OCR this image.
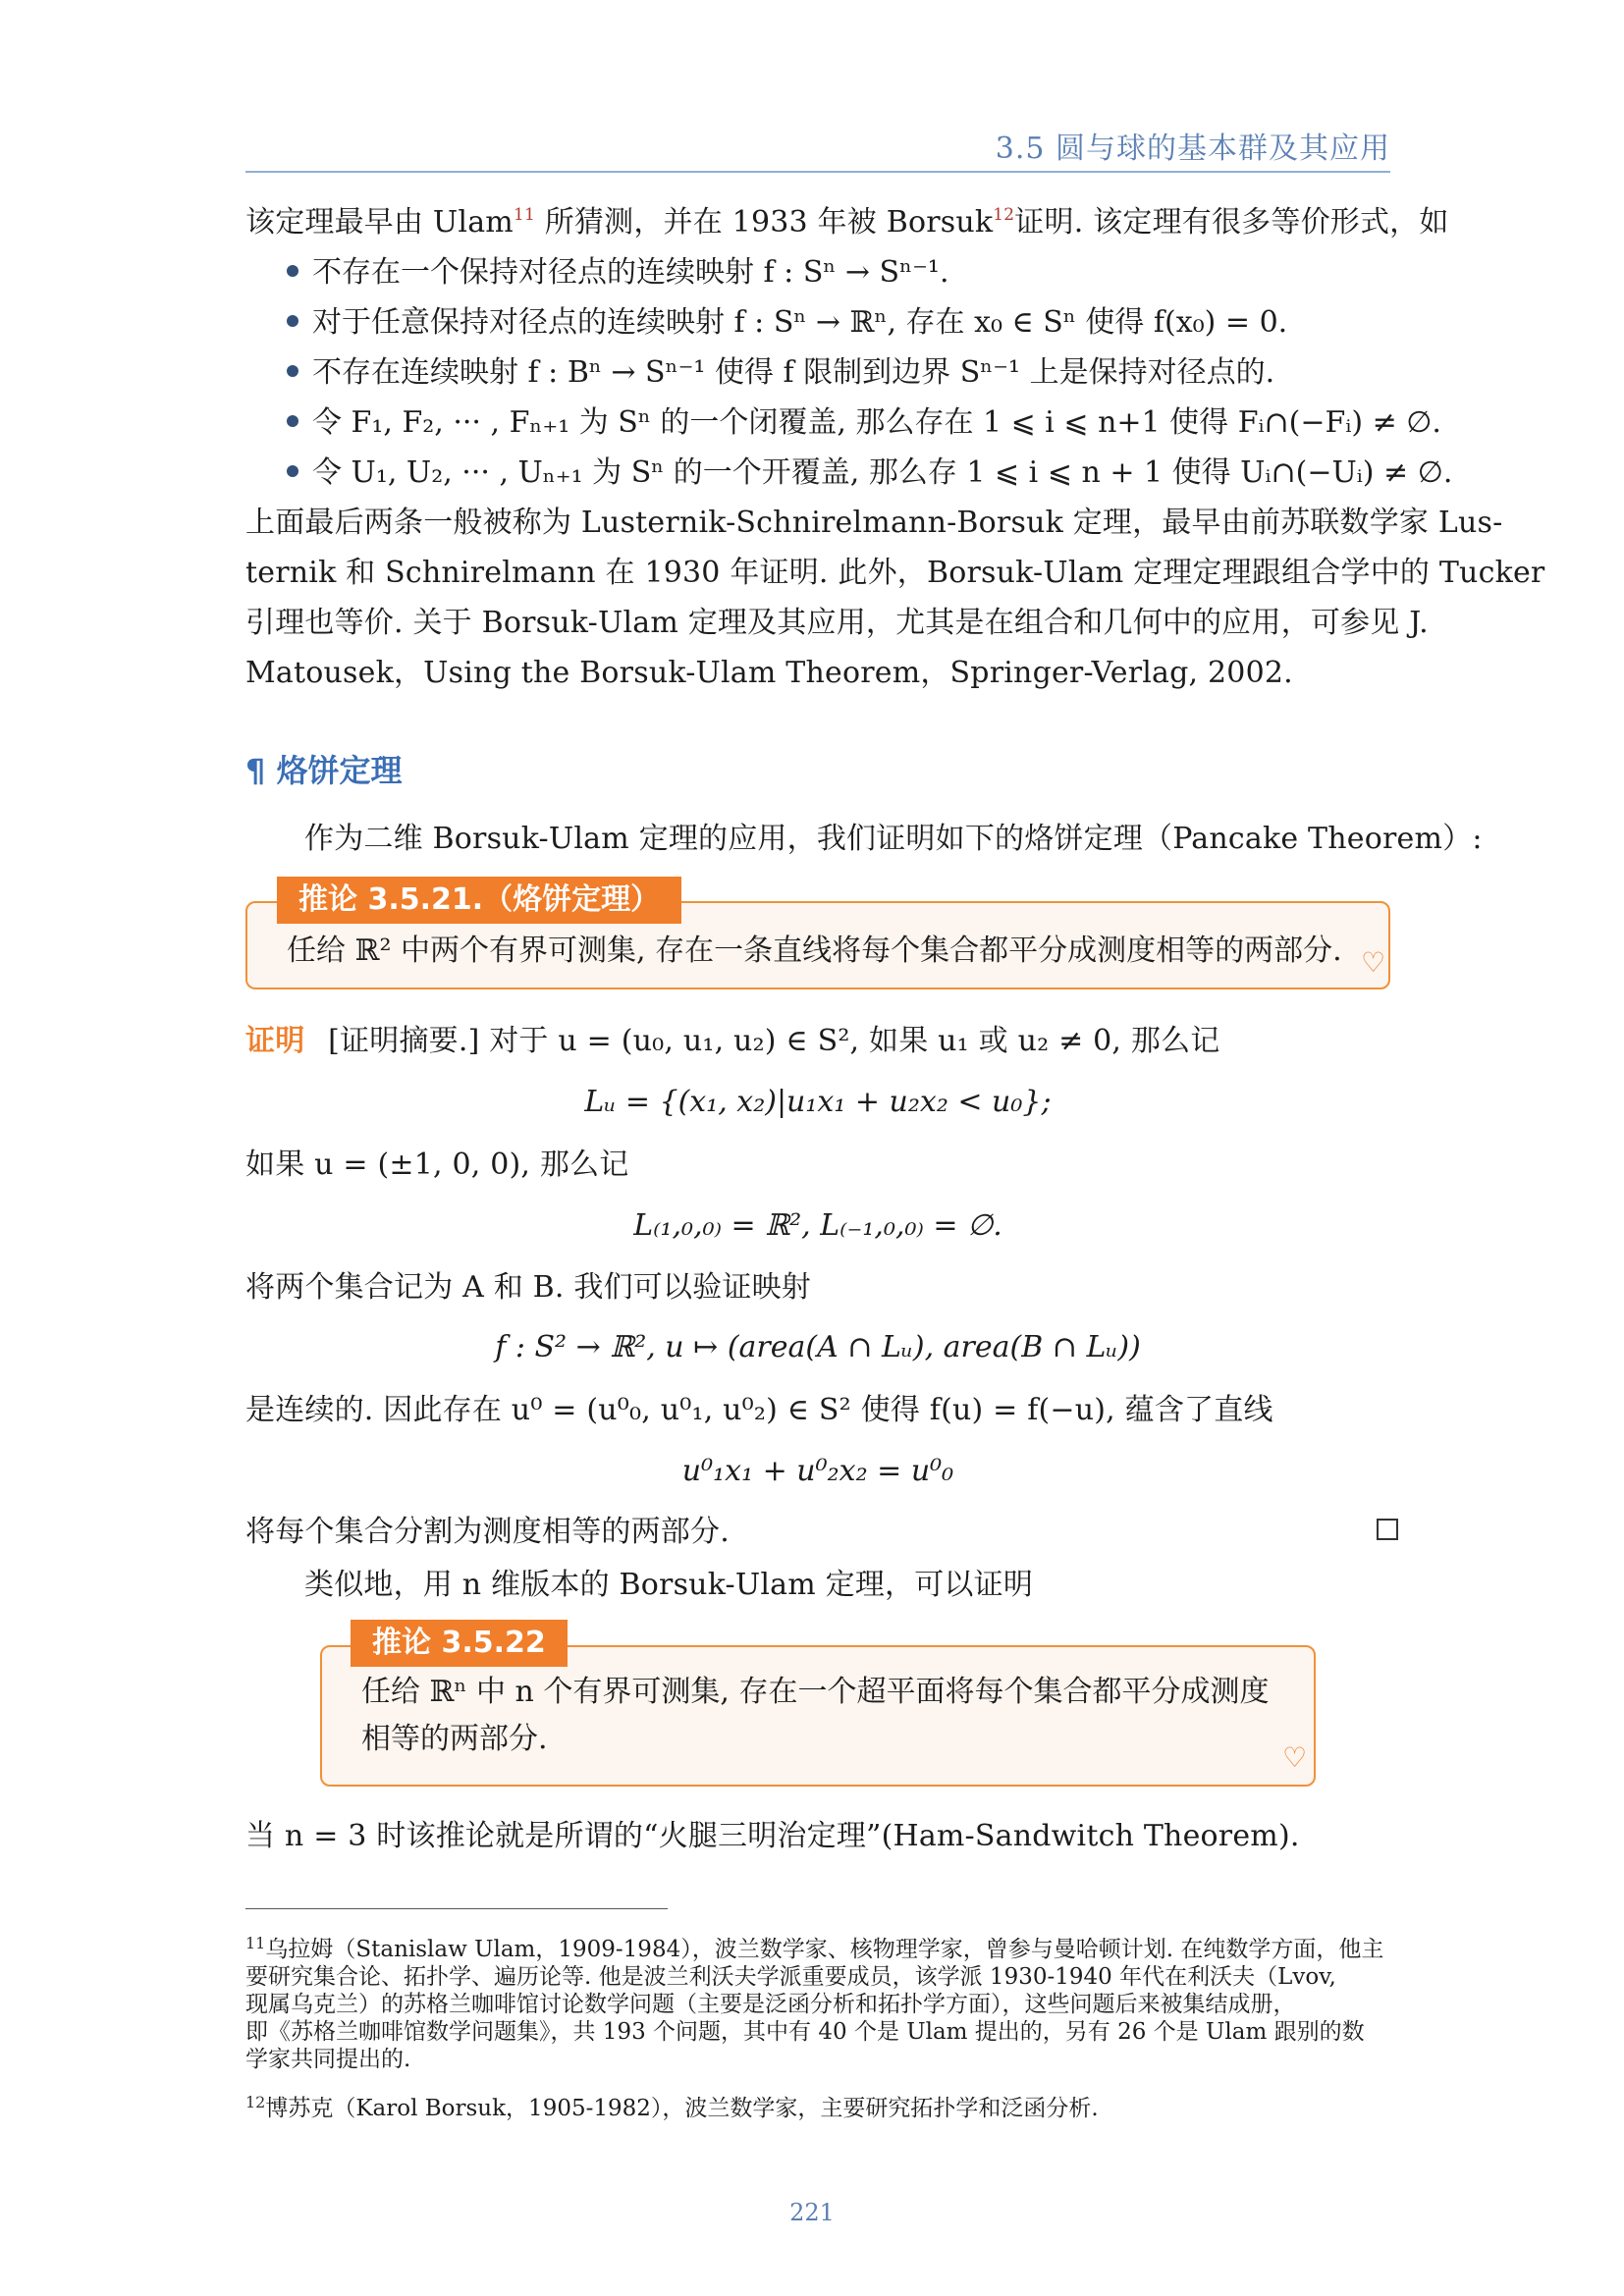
3.5 圆与球的基本群及其应用
该定理最早由 Ulam$^{11}$ 所猜测，并在 1933 年被 Borsuk$^{12}$证明. 该定理有很多等价形式，如
不存在一个保持对径点的连续映射 f : Sⁿ → Sⁿ⁻¹.
对于任意保持对径点的连续映射 f : Sⁿ → ℝⁿ, 存在 x₀ ∈ Sⁿ 使得 f(x₀) = 0.
不存在连续映射 f : Bⁿ → Sⁿ⁻¹ 使得 f 限制到边界 Sⁿ⁻¹ 上是保持对径点的.
令 F₁, F₂, ··· , Fₙ₊₁ 为 Sⁿ 的一个闭覆盖, 那么存在 1 ⩽ i ⩽ n+1 使得 Fᵢ∩(−Fᵢ) ≠ ∅.
令 U₁, U₂, ··· , Uₙ₊₁ 为 Sⁿ 的一个开覆盖, 那么存 1 ⩽ i ⩽ n + 1 使得 Uᵢ∩(−Uᵢ) ≠ ∅.
上面最后两条一般被称为 Lusternik-Schnirelmann-Borsuk 定理，最早由前苏联数学家 Lus-
ternik 和 Schnirelmann 在 1930 年证明. 此外，Borsuk-Ulam 定理定理跟组合学中的 Tucker
引理也等价. 关于 Borsuk-Ulam 定理及其应用，尤其是在组合和几何中的应用，可参见 J.
Matousek，Using the Borsuk-Ulam Theorem，Springer-Verlag, 2002.
¶ 烙饼定理
作为二维 Borsuk-Ulam 定理的应用，我们证明如下的烙饼定理（Pancake Theorem）:
推论 3.5.21.（烙饼定理）
任给 ℝ² 中两个有界可测集, 存在一条直线将每个集合都平分成测度相等的两部分. ♡
证明 [证明摘要.] 对于 u = (u₀, u₁, u₂) ∈ S², 如果 u₁ 或 u₂ ≠ 0, 那么记
Lᵤ = {(x₁, x₂)|u₁x₁ + u₂x₂ < u₀};
如果 u = (±1, 0, 0), 那么记
L₍₁,₀,₀₎ = ℝ², L₍₋₁,₀,₀₎ = ∅.
将两个集合记为 A 和 B. 我们可以验证映射
f : S² → ℝ², u ↦ (area(A ∩ Lᵤ), area(B ∩ Lᵤ))
是连续的. 因此存在 u⁰ = (u⁰₀, u⁰₁, u⁰₂) ∈ S² 使得 f(u) = f(−u), 蕴含了直线
u⁰₁x₁ + u⁰₂x₂ = u⁰₀
将每个集合分割为测度相等的两部分.
类似地，用 n 维版本的 Borsuk-Ulam 定理，可以证明
推论 3.5.22
任给 ℝⁿ 中 n 个有界可测集, 存在一个超平面将每个集合都平分成测度
相等的两部分.
♡
当 n = 3 时该推论就是所谓的“火腿三明治定理”(Ham-Sandwitch Theorem).
$^{11}$乌拉姆（Stanislaw Ulam，1909-1984），波兰数学家、核物理学家，曾参与曼哈顿计划. 在纯数学方面，他主
要研究集合论、拓扑学、遍历论等. 他是波兰利沃夫学派重要成员，该学派 1930-1940 年代在利沃夫（Lvov,
现属乌克兰）的苏格兰咖啡馆讨论数学问题（主要是泛函分析和拓扑学方面），这些问题后来被集结成册，
即《苏格兰咖啡馆数学问题集》，共 193 个问题，其中有 40 个是 Ulam 提出的，另有 26 个是 Ulam 跟别的数
学家共同提出的.
$^{12}$博苏克（Karol Borsuk，1905-1982），波兰数学家，主要研究拓扑学和泛函分析.
221
